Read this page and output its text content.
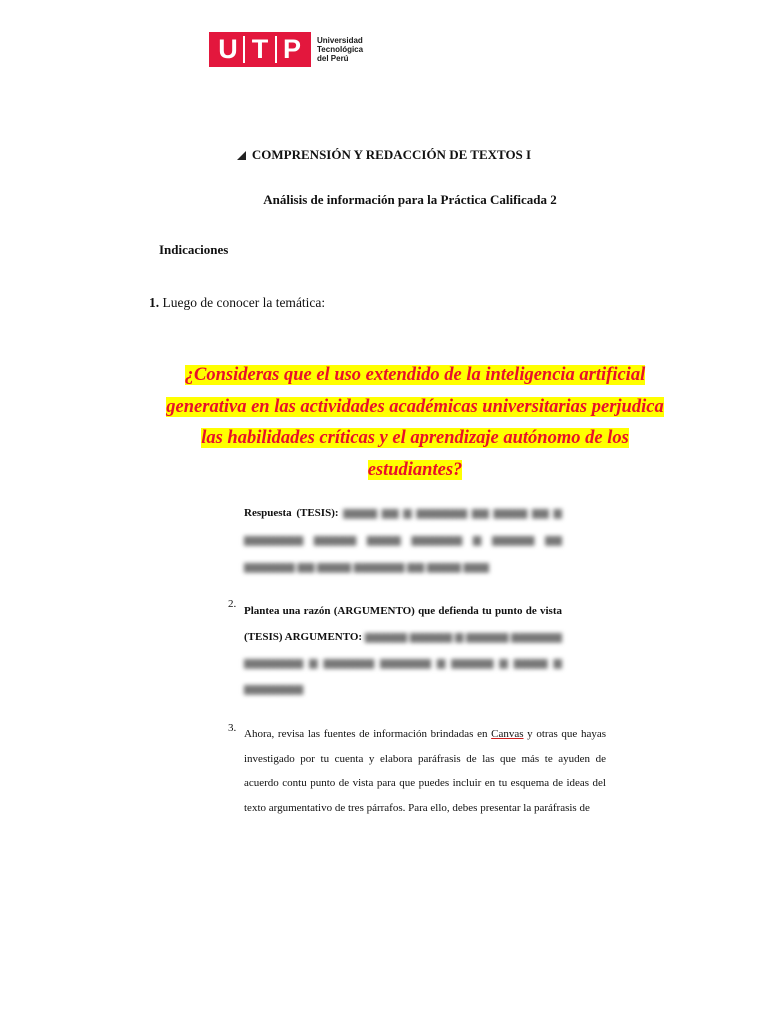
U T P	Universidad
Tecnológica
del Perú
COMPRENSIÓN Y REDACCIÓN DE TEXTOS I
Análisis de información para la Práctica Calificada 2
Indicaciones
1. Luego de conocer la temática:
¿Consideras que el uso extendido de la inteligencia artificial
generativa en las actividades académicas universitarias perjudica
las habilidades críticas y el aprendizaje autónomo de los
estudiantes?
Respuesta (TESIS): ▆▆▆▆ ▆▆ ▆ ▆▆▆▆▆▆ ▆▆ ▆▆▆▆ ▆▆ ▆ ▆▆▆▆▆▆▆ ▆▆▆▆▆ ▆▆▆▆ ▆▆▆▆▆▆ ▆ ▆▆▆▆▆ ▆▆ ▆▆▆▆▆▆ ▆▆ ▆▆▆▆ ▆▆▆▆▆▆ ▆▆ ▆▆▆▆ ▆▆▆
2.
Plantea una razón (ARGUMENTO) que defienda tu punto de vista (TESIS) ARGUMENTO: ▆▆▆▆▆ ▆▆▆▆▆ ▆ ▆▆▆▆▆ ▆▆▆▆▆▆ ▆▆▆▆▆▆▆ ▆ ▆▆▆▆▆▆ ▆▆▆▆▆▆ ▆ ▆▆▆▆▆ ▆ ▆▆▆▆ ▆ ▆▆▆▆▆▆▆
3. Ahora, revisa las fuentes de información brindadas en Canvas y otras que hayas investigado por tu cuenta y elabora paráfrasis de las que más te ayuden de acuerdo contu punto de vista para que puedes incluir en tu esquema de ideas del texto argumentativo de tres párrafos. Para ello, debes presentar la paráfrasis de
